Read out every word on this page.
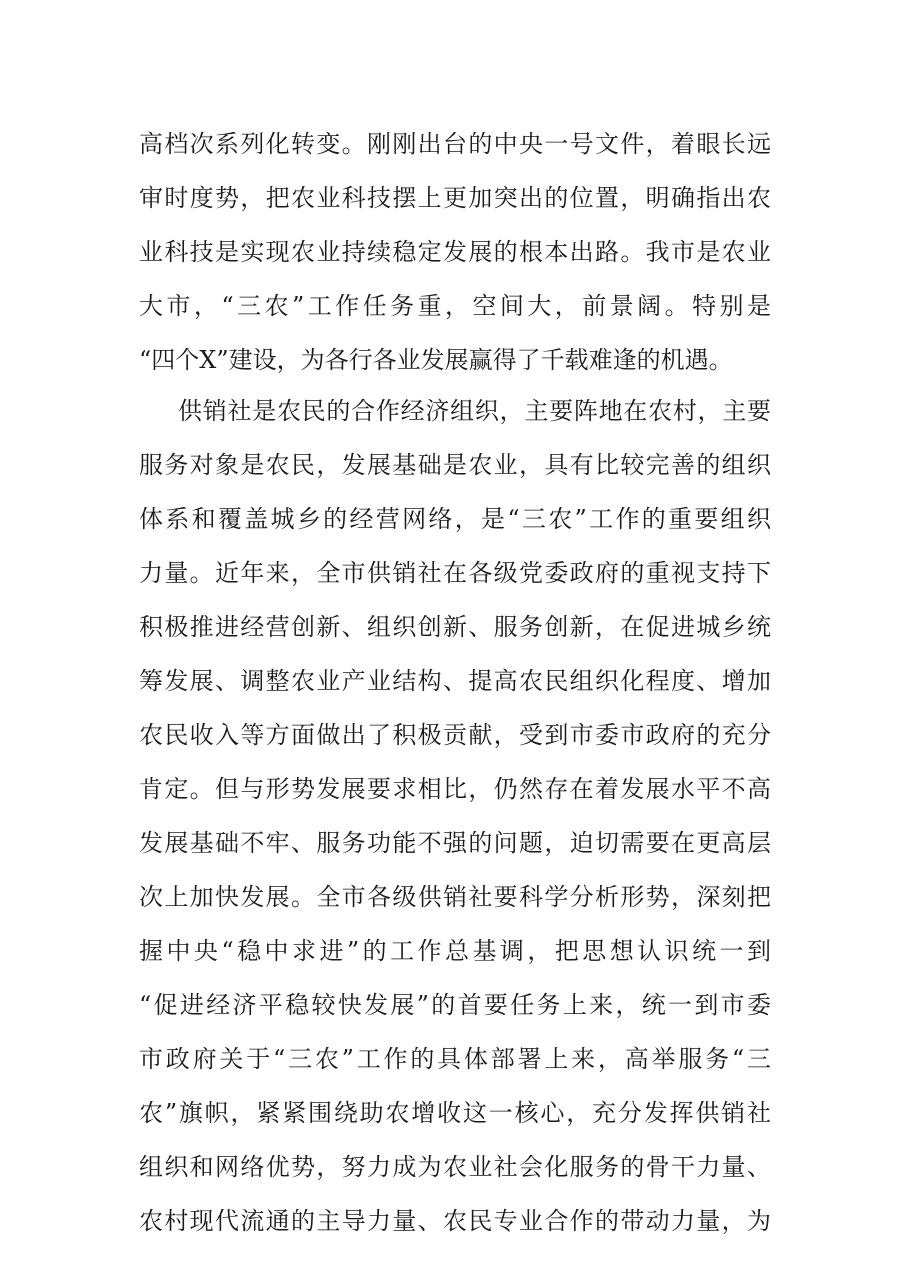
高档次系列化转变。刚刚出台的中央一号文件，着眼长远
审时度势，把农业科技摆上更加突出的位置，明确指出农
业科技是实现农业持续稳定发展的根本出路。我市是农业
大市，“三农”工作任务重，空间大，前景阔。特别是
“四个X”建设，为各行各业发展赢得了千载难逢的机遇。
供销社是农民的合作经济组织，主要阵地在农村，主要
服务对象是农民，发展基础是农业，具有比较完善的组织
体系和覆盖城乡的经营网络，是“三农”工作的重要组织
力量。近年来，全市供销社在各级党委政府的重视支持下
积极推进经营创新、组织创新、服务创新，在促进城乡统
筹发展、调整农业产业结构、提高农民组织化程度、增加
农民收入等方面做出了积极贡献，受到市委市政府的充分
肯定。但与形势发展要求相比，仍然存在着发展水平不高
发展基础不牢、服务功能不强的问题，迫切需要在更高层
次上加快发展。全市各级供销社要科学分析形势，深刻把
握中央“稳中求进”的工作总基调，把思想认识统一到
“促进经济平稳较快发展”的首要任务上来，统一到市委
市政府关于“三农”工作的具体部署上来，高举服务“三
农”旗帜，紧紧围绕助农增收这一核心，充分发挥供销社
组织和网络优势，努力成为农业社会化服务的骨干力量、
农村现代流通的主导力量、农民专业合作的带动力量，为
